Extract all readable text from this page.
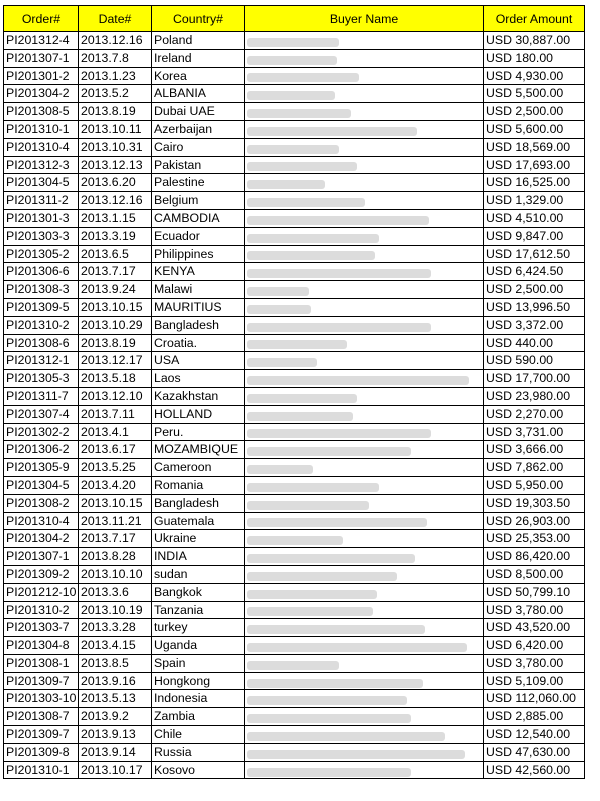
Order#	Date#	Country#	Buyer Name	Order Amount
PI201312-4	2013.12.16	Poland		USD 30,887.00
PI201307-1	2013.7.8	Ireland		USD 180.00
PI201301-2	2013.1.23	Korea		USD 4,930.00
PI201304-2	2013.5.2	ALBANIA		USD 5,500.00
PI201308-5	2013.8.19	Dubai UAE		USD 2,500.00
PI201310-1	2013.10.11	Azerbaijan		USD 5,600.00
PI201310-4	2013.10.31	Cairo		USD 18,569.00
PI201312-3	2013.12.13	Pakistan		USD 17,693.00
PI201304-5	2013.6.20	Palestine		USD 16,525.00
PI201311-2	2013.12.16	Belgium		USD 1,329.00
PI201301-3	2013.1.15	CAMBODIA		USD 4,510.00
PI201303-3	2013.3.19	Ecuador		USD 9,847.00
PI201305-2	2013.6.5	Philippines		USD 17,612.50
PI201306-6	2013.7.17	KENYA		USD 6,424.50
PI201308-3	2013.9.24	Malawi		USD 2,500.00
PI201309-5	2013.10.15	MAURITIUS		USD 13,996.50
PI201310-2	2013.10.29	Bangladesh		USD 3,372.00
PI201308-6	2013.8.19	Croatia.		USD 440.00
PI201312-1	2013.12.17	USA		USD 590.00
PI201305-3	2013.5.18	Laos		USD 17,700.00
PI201311-7	2013.12.10	Kazakhstan		USD 23,980.00
PI201307-4	2013.7.11	HOLLAND		USD 2,270.00
PI201302-2	2013.4.1	Peru.		USD 3,731.00
PI201306-2	2013.6.17	MOZAMBIQUE		USD 3,666.00
PI201305-9	2013.5.25	Cameroon		USD 7,862.00
PI201304-5	2013.4.20	Romania		USD 5,950.00
PI201308-2	2013.10.15	Bangladesh		USD 19,303.50
PI201310-4	2013.11.21	Guatemala		USD 26,903.00
PI201304-2	2013.7.17	Ukraine		USD 25,353.00
PI201307-1	2013.8.28	INDIA		USD 86,420.00
PI201309-2	2013.10.10	sudan		USD 8,500.00
PI201212-10	2013.3.6	Bangkok		USD 50,799.10
PI201310-2	2013.10.19	Tanzania		USD 3,780.00
PI201303-7	2013.3.28	turkey		USD 43,520.00
PI201304-8	2013.4.15	Uganda		USD 6,420.00
PI201308-1	2013.8.5	Spain		USD 3,780.00
PI201309-7	2013.9.16	Hongkong		USD 5,109.00
PI201303-10	2013.5.13	Indonesia		USD 112,060.00
PI201308-7	2013.9.2	Zambia		USD 2,885.00
PI201309-7	2013.9.13	Chile		USD 12,540.00
PI201309-8	2013.9.14	Russia		USD 47,630.00
PI201310-1	2013.10.17	Kosovo		USD 42,560.00
